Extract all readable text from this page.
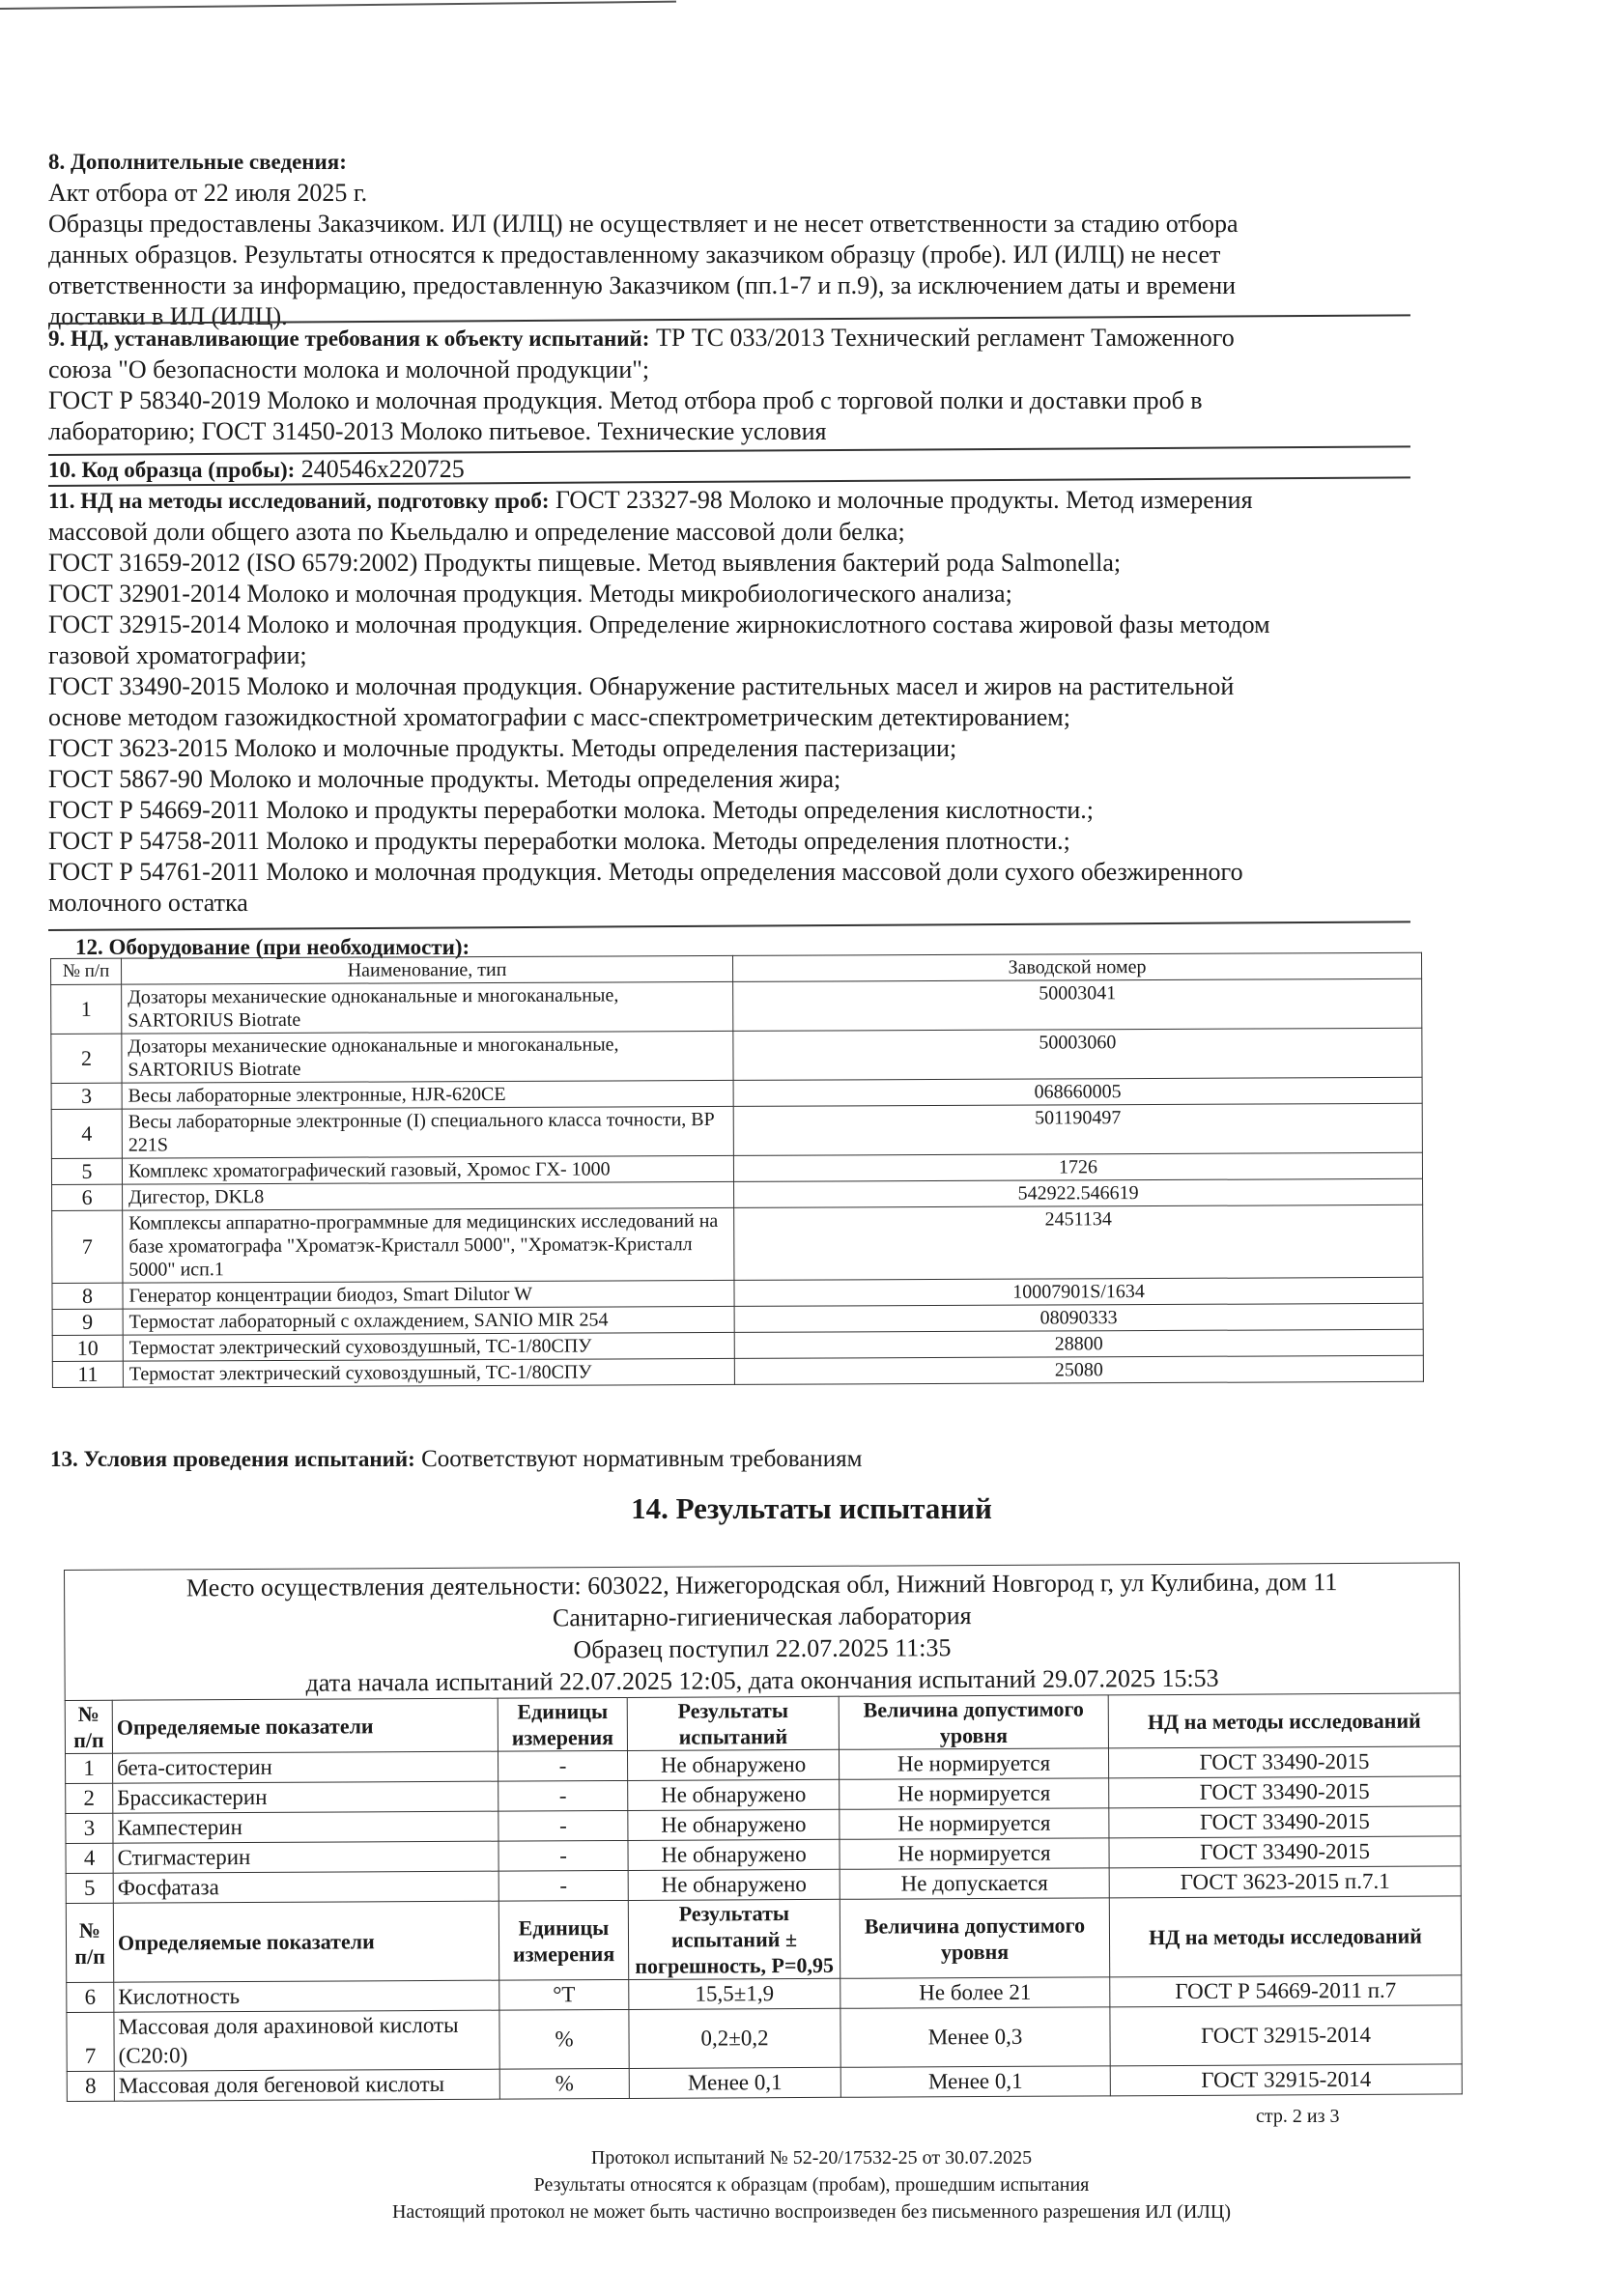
8. Дополнительные сведения:
Акт отбора от 22 июля 2025 г.
Образцы предоставлены Заказчиком. ИЛ (ИЛЦ) не осуществляет и не несет ответственности за стадию отбора
данных образцов. Результаты относятся к предоставленному заказчиком образцу (пробе). ИЛ (ИЛЦ) не несет
ответственности за информацию, предоставленную Заказчиком (пп.1-7 и п.9), за исключением даты и времени
доставки в ИЛ (ИЛЦ).
9. НД, устанавливающие требования к объекту испытаний: ТР ТС 033/2013 Технический регламент Таможенного
союза "О безопасности молока и молочной продукции";
ГОСТ Р 58340-2019 Молоко и молочная продукция. Метод отбора проб с торговой полки и доставки проб в
лабораторию; ГОСТ 31450-2013 Молоко питьевое. Технические условия
10. Код образца (пробы): 240546х220725
11. НД на методы исследований, подготовку проб: ГОСТ 23327-98 Молоко и молочные продукты. Метод измерения
массовой доли общего азота по Кьельдалю и определение массовой доли белка;
ГОСТ 31659-2012 (ISO 6579:2002) Продукты пищевые. Метод выявления бактерий рода Salmonella;
ГОСТ 32901-2014 Молоко и молочная продукция. Методы микробиологического анализа;
ГОСТ 32915-2014 Молоко и молочная продукция. Определение жирнокислотного состава жировой фазы методом
газовой хроматографии;
ГОСТ 33490-2015 Молоко и молочная продукция. Обнаружение растительных масел и жиров на растительной
основе методом газожидкостной хроматографии с масс-спектрометрическим детектированием;
ГОСТ 3623-2015 Молоко и молочные продукты. Методы определения пастеризации;
ГОСТ 5867-90 Молоко и молочные продукты. Методы определения жира;
ГОСТ Р 54669-2011 Молоко и продукты переработки молока. Методы определения кислотности.;
ГОСТ Р 54758-2011 Молоко и продукты переработки молока. Методы определения плотности.;
ГОСТ Р 54761-2011 Молоко и молочная продукция. Методы определения массовой доли сухого обезжиренного
молочного остатка
12. Оборудование (при необходимости):
№ п/п	Наименование, тип	Заводской номер
1	Дозаторы механические одноканальные и многоканальные, SARTORIUS Biotrate	50003041
2	Дозаторы механические одноканальные и многоканальные, SARTORIUS Biotrate	50003060
3	Весы лабораторные электронные, HJR-620CE	068660005
4	Весы лабораторные электронные (I) специального класса точности, BP 221S	501190497
5	Комплекс хроматографический газовый, Хромос ГХ- 1000	1726
6	Дигестор, DKL8	542922.546619
7	Комплексы аппаратно-программные для медицинских исследований на базе хроматографа "Хроматэк-Кристалл 5000", "Хроматэк-Кристалл 5000" исп.1	2451134
8	Генератор концентрации биодоз, Smart Dilutor W	10007901S/1634
9	Термостат лабораторный с охлаждением, SANIO MIR 254	08090333
10	Термостат электрический суховоздушный, ТС-1/80СПУ	28800
11	Термостат электрический суховоздушный, ТС-1/80СПУ	25080
13. Условия проведения испытаний: Соответствуют нормативным требованиям
14. Результаты испытаний
Место осуществления деятельности: 603022, Нижегородская обл, Нижний Новгород г, ул Кулибина, дом 11
Санитарно-гигиеническая лаборатория
Образец поступил 22.07.2025 11:35
дата начала испытаний 22.07.2025 12:05, дата окончания испытаний 29.07.2025 15:53
№ п/п	Определяемые показатели	Единицы измерения	Результаты испытаний	Величина допустимого уровня	НД на методы исследований
1	бета-ситостерин	-	Не обнаружено	Не нормируется	ГОСТ 33490-2015
2	Брассикастерин	-	Не обнаружено	Не нормируется	ГОСТ 33490-2015
3	Кампестерин	-	Не обнаружено	Не нормируется	ГОСТ 33490-2015
4	Стигмастерин	-	Не обнаружено	Не нормируется	ГОСТ 33490-2015
5	Фосфатаза	-	Не обнаружено	Не допускается	ГОСТ 3623-2015 п.7.1
№ п/п	Определяемые показатели	Единицы измерения	Результаты испытаний ± погрешность, P=0,95	Величина допустимого уровня	НД на методы исследований
6	Кислотность	°Т	15,5±1,9	Не более 21	ГОСТ Р 54669-2011 п.7
7	Массовая доля арахиновой кислоты (С20:0)	%	0,2±0,2	Менее 0,3	ГОСТ 32915-2014
8	Массовая доля бегеновой кислоты	%	Менее 0,1	Менее 0,1	ГОСТ 32915-2014
стр. 2 из 3
Протокол испытаний № 52-20/17532-25 от 30.07.2025
Результаты относятся к образцам (пробам), прошедшим испытания
Настоящий протокол не может быть частично воспроизведен без письменного разрешения ИЛ (ИЛЦ)
